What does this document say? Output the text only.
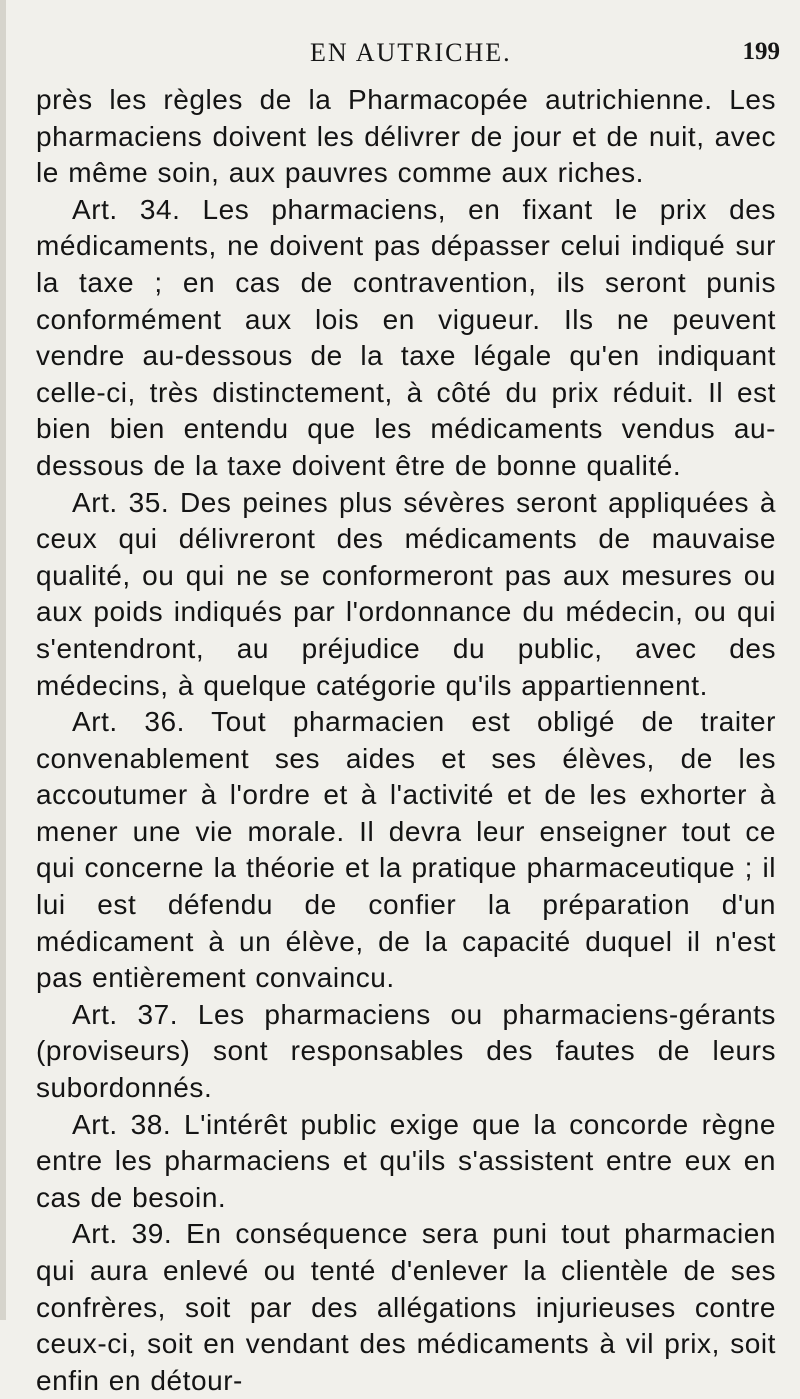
EN AUTRICHE.	199

près les règles de la Pharmacopée autrichienne. Les pharmaciens doivent les délivrer de jour et de nuit, avec le même soin, aux pauvres comme aux riches.

Art. 34. Les pharmaciens, en fixant le prix des médicaments, ne doivent pas dépasser celui indiqué sur la taxe ; en cas de contravention, ils seront punis conformément aux lois en vigueur. Ils ne peuvent vendre au-dessous de la taxe légale qu'en indiquant celle-ci, très distinctement, à côté du prix réduit. Il est bien bien entendu que les médicaments vendus au-dessous de la taxe doivent être de bonne qualité.

Art. 35. Des peines plus sévères seront appliquées à ceux qui délivreront des médicaments de mauvaise qualité, ou qui ne se conformeront pas aux mesures ou aux poids indiqués par l'ordonnance du médecin, ou qui s'entendront, au préjudice du public, avec des médecins, à quelque catégorie qu'ils appartiennent.

Art. 36. Tout pharmacien est obligé de traiter convenablement ses aides et ses élèves, de les accoutumer à l'ordre et à l'activité et de les exhorter à mener une vie morale. Il devra leur enseigner tout ce qui concerne la théorie et la pratique pharmaceutique ; il lui est défendu de confier la préparation d'un médicament à un élève, de la capacité duquel il n'est pas entièrement convaincu.

Art. 37. Les pharmaciens ou pharmaciens-gérants (proviseurs) sont responsables des fautes de leurs subordonnés.

Art. 38. L'intérêt public exige que la concorde règne entre les pharmaciens et qu'ils s'assistent entre eux en cas de besoin.

Art. 39. En conséquence sera puni tout pharmacien qui aura enlevé ou tenté d'enlever la clientèle de ses confrères, soit par des allégations injurieuses contre ceux-ci, soit en vendant des médicaments à vil prix, soit enfin en détour-
